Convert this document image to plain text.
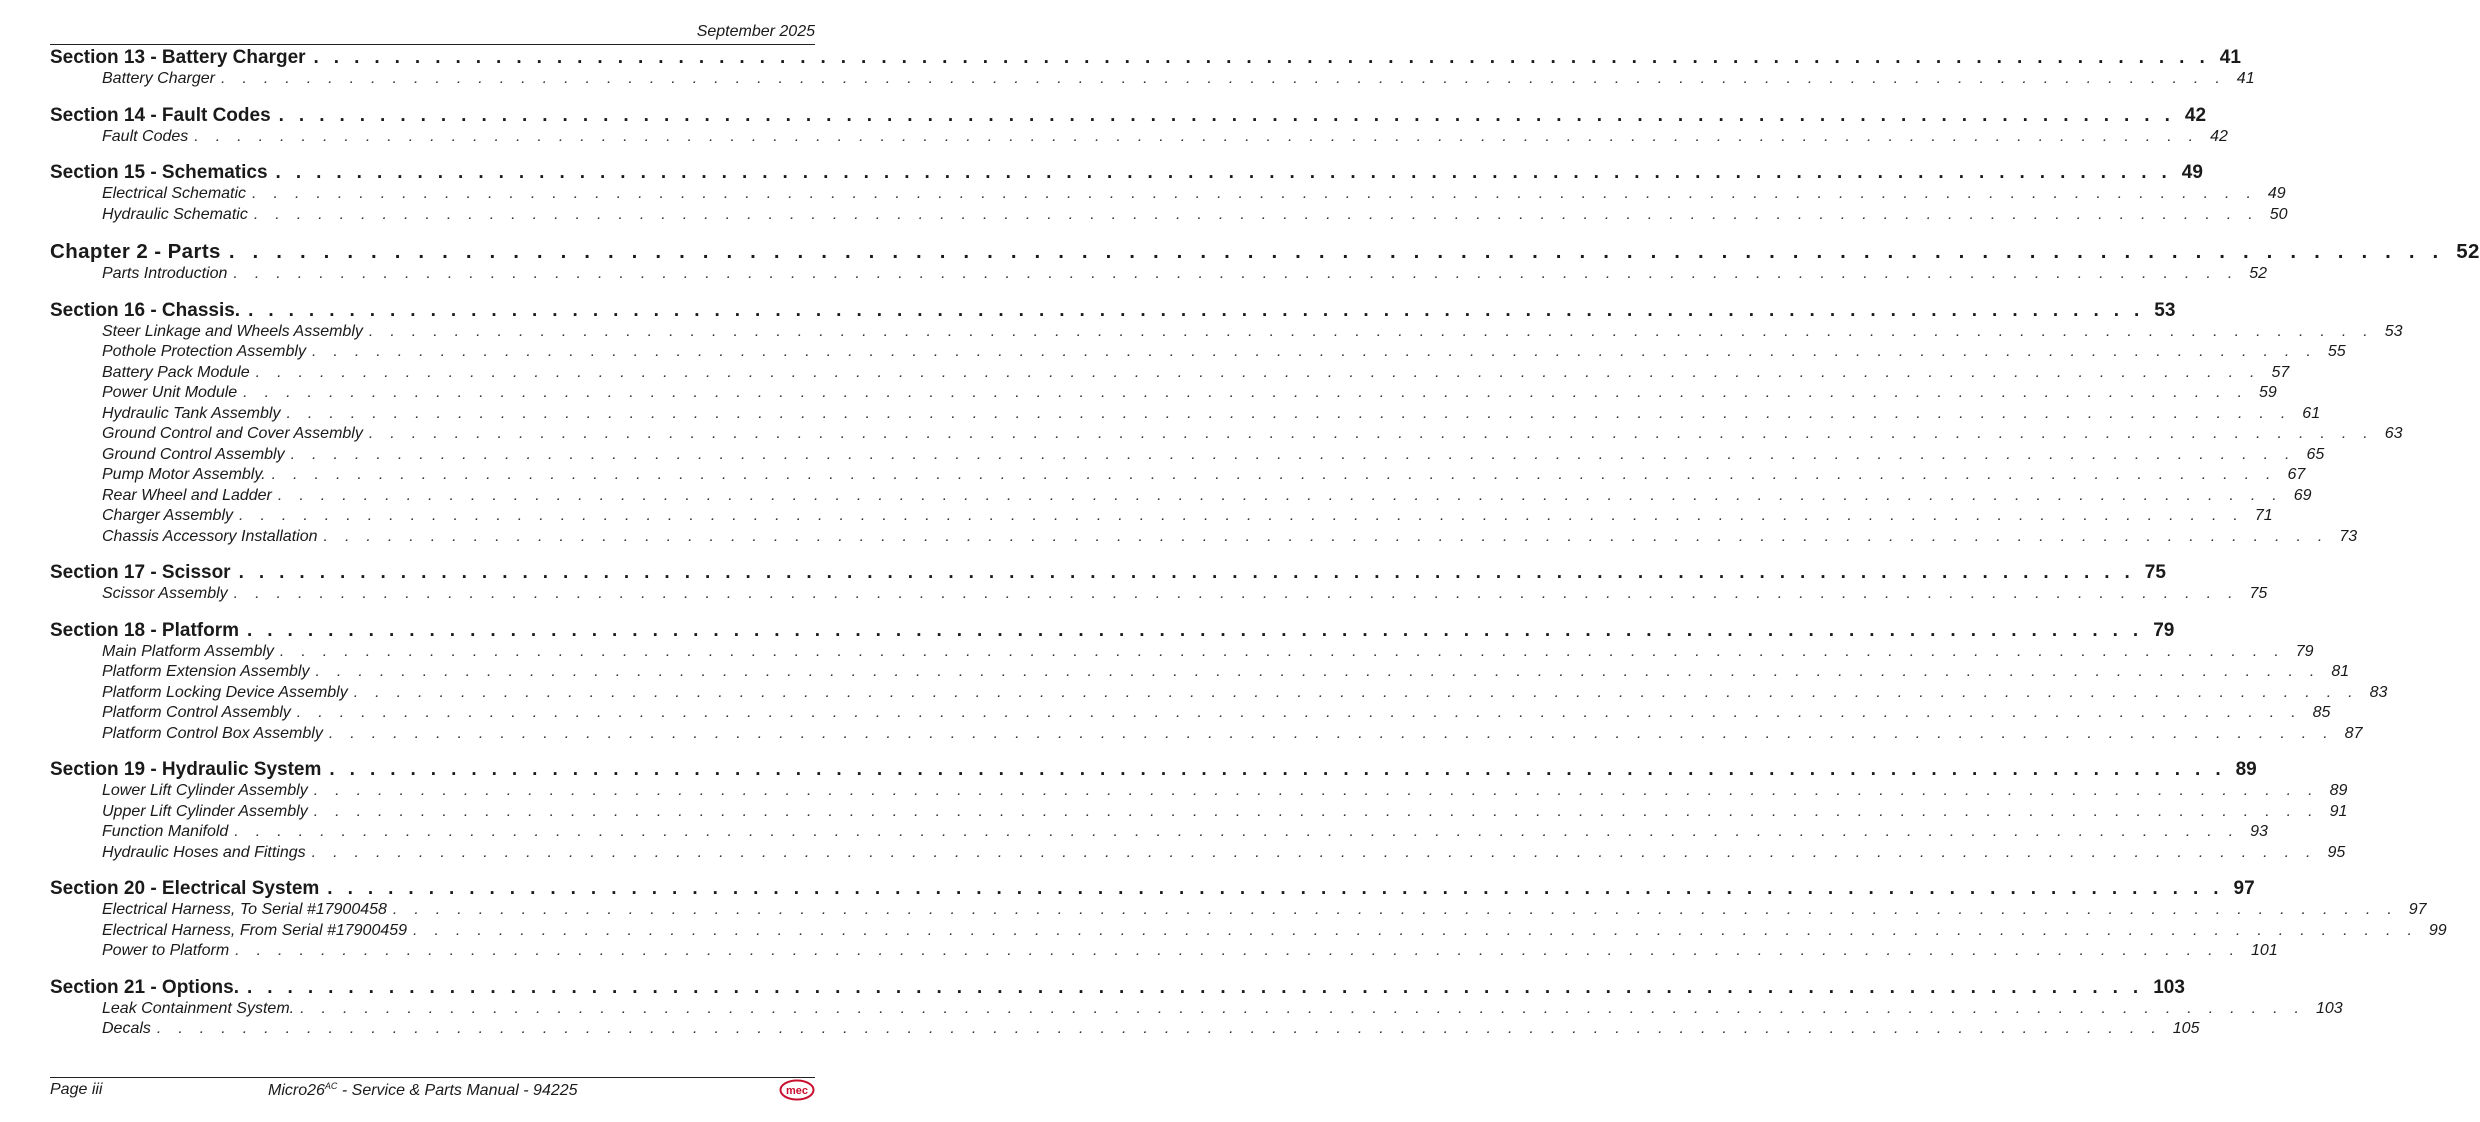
September 2025
Section 13 - Battery Charger .............................................................................................. 41
Battery Charger .............................................................................................. 41
Section 14 - Fault Codes .............................................................................................. 42
Fault Codes .............................................................................................. 42
Section 15 - Schematics .............................................................................................. 49
Electrical Schematic .............................................................................................. 49
Hydraulic Schematic .............................................................................................. 50
Chapter 2 - Parts .............................................................................................. 52
Parts Introduction .............................................................................................. 52
Section 16 - Chassis. .............................................................................................. 53
Steer Linkage and Wheels Assembly .............................................................................................. 53
Pothole Protection Assembly .............................................................................................. 55
Battery Pack Module .............................................................................................. 57
Power Unit Module .............................................................................................. 59
Hydraulic Tank Assembly .............................................................................................. 61
Ground Control and Cover Assembly .............................................................................................. 63
Ground Control Assembly .............................................................................................. 65
Pump Motor Assembly. .............................................................................................. 67
Rear Wheel and Ladder .............................................................................................. 69
Charger Assembly .............................................................................................. 71
Chassis Accessory Installation .............................................................................................. 73
Section 17 - Scissor .............................................................................................. 75
Scissor Assembly .............................................................................................. 75
Section 18 - Platform .............................................................................................. 79
Main Platform Assembly .............................................................................................. 79
Platform Extension Assembly .............................................................................................. 81
Platform Locking Device Assembly .............................................................................................. 83
Platform Control Assembly .............................................................................................. 85
Platform Control Box Assembly .............................................................................................. 87
Section 19 - Hydraulic System .............................................................................................. 89
Lower Lift Cylinder Assembly .............................................................................................. 89
Upper Lift Cylinder Assembly .............................................................................................. 91
Function Manifold .............................................................................................. 93
Hydraulic Hoses and Fittings .............................................................................................. 95
Section 20 - Electrical System .............................................................................................. 97
Electrical Harness, To Serial #17900458 .............................................................................................. 97
Electrical Harness, From Serial #17900459 .............................................................................................. 99
Power to Platform .............................................................................................. 101
Section 21 - Options. .............................................................................................. 103
Leak Containment System. .............................................................................................. 103
Decals .............................................................................................. 105
Page iii	$Micro26^{AC}$ - Service & Parts Manual - 94225	mec
